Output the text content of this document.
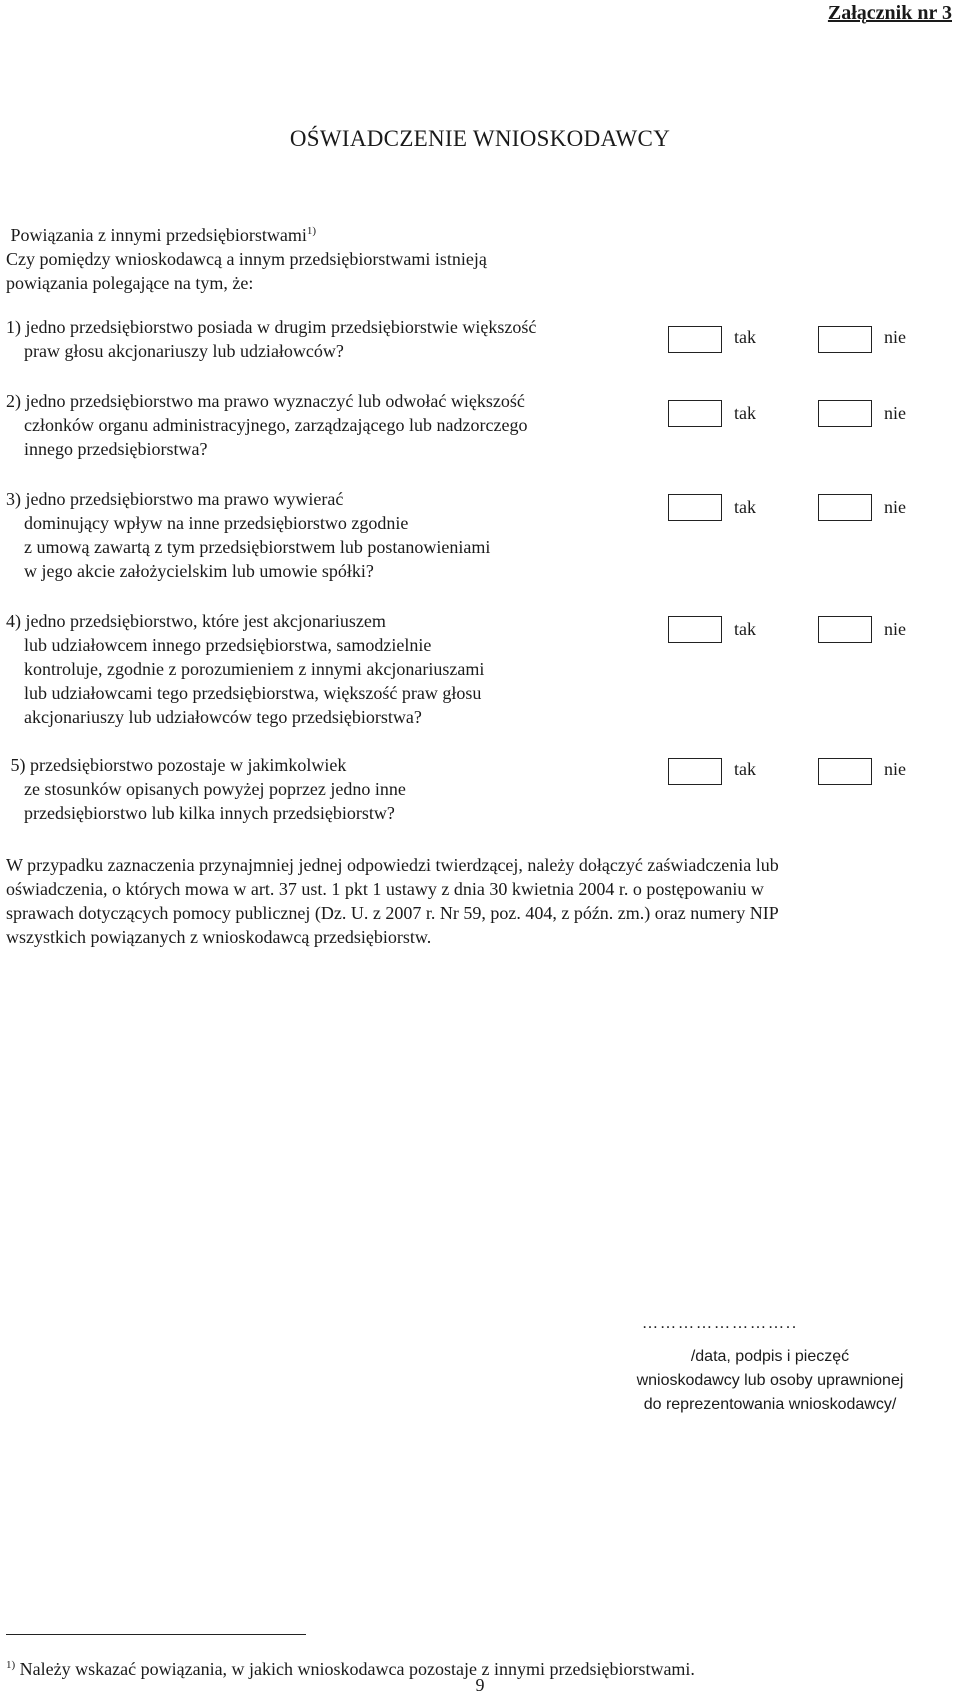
Załącznik nr 3
OŚWIADCZENIE WNIOSKODAWCY
Powiązania z innymi przedsiębiorstwami$^{1)}$
Czy pomiędzy wnioskodawcą a innym przedsiębiorstwami istnieją
powiązania polegające na tym, że:
1) jedno przedsiębiorstwo posiada w drugim przedsiębiorstwie większość
praw głosu akcjonariuszy lub udziałowców?
tak	nie
2) jedno przedsiębiorstwo ma prawo wyznaczyć lub odwołać większość
członków organu administracyjnego, zarządzającego lub nadzorczego
innego przedsiębiorstwa?
tak	nie
3) jedno przedsiębiorstwo ma prawo wywierać
dominujący wpływ na inne przedsiębiorstwo zgodnie
z umową zawartą z tym przedsiębiorstwem lub postanowieniami
w jego akcie założycielskim lub umowie spółki?
tak	nie
4) jedno przedsiębiorstwo, które jest akcjonariuszem
lub udziałowcem innego przedsiębiorstwa, samodzielnie
kontroluje, zgodnie z porozumieniem z innymi akcjonariuszami
lub udziałowcami tego przedsiębiorstwa, większość praw głosu
akcjonariuszy lub udziałowców tego przedsiębiorstwa?
tak	nie
5) przedsiębiorstwo pozostaje w jakimkolwiek
ze stosunków opisanych powyżej poprzez jedno inne
przedsiębiorstwo lub kilka innych przedsiębiorstw?
tak	nie
W przypadku zaznaczenia przynajmniej jednej odpowiedzi twierdzącej, należy dołączyć zaświadczenia lub
oświadczenia, o których mowa w art. 37 ust. 1 pkt 1 ustawy z dnia 30 kwietnia 2004 r. o postępowaniu w
sprawach dotyczących pomocy publicznej (Dz. U. z 2007 r. Nr 59, poz. 404, z późn. zm.) oraz numery NIP
wszystkich powiązanych z wnioskodawcą przedsiębiorstw.
……………………..
/data, podpis i pieczęć
wnioskodawcy lub osoby uprawnionej
do reprezentowania wnioskodawcy/
$^{1)}$ Należy wskazać powiązania, w jakich wnioskodawca pozostaje z innymi przedsiębiorstwami.
9
